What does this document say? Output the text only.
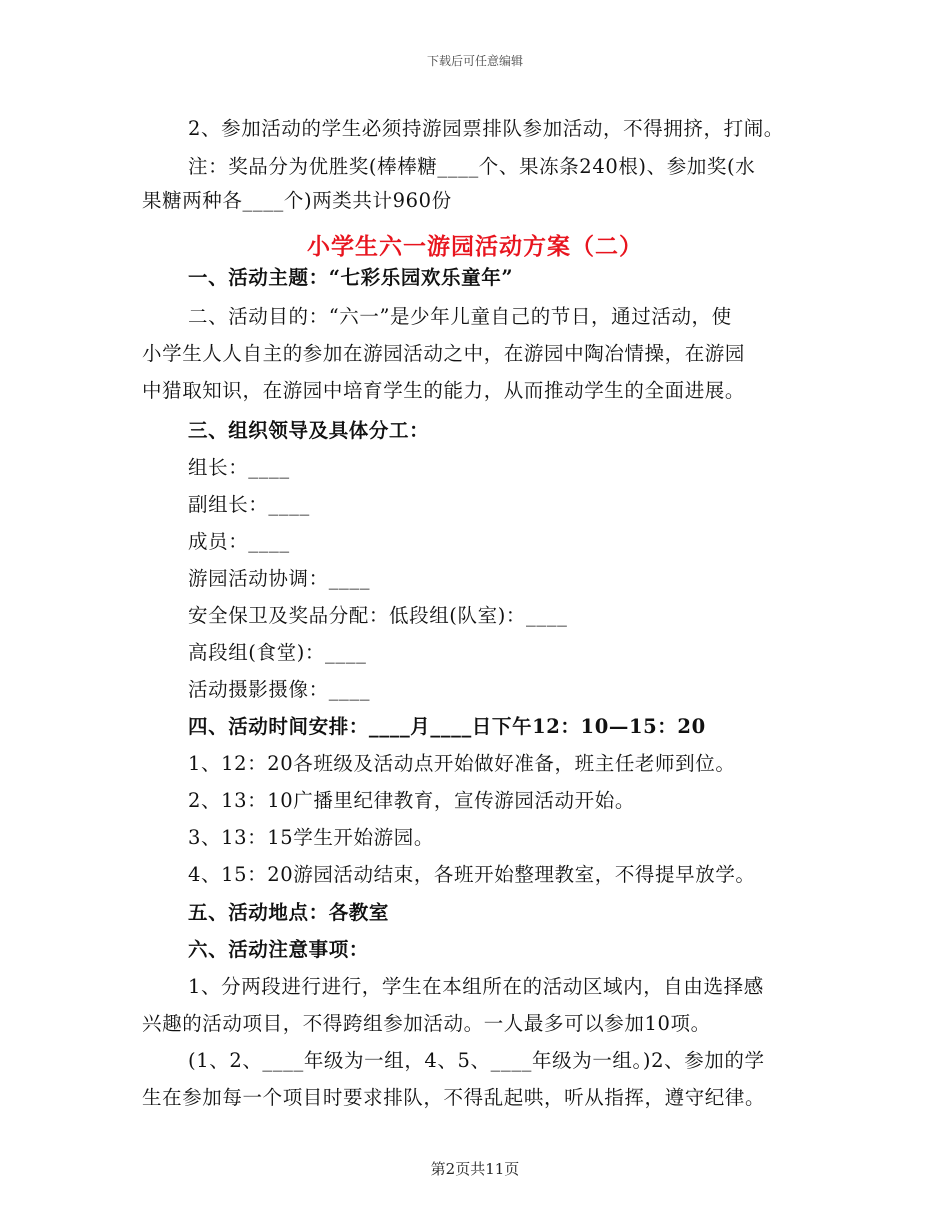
下载后可任意编辑
2、参加活动的学生必须持游园票排队参加活动，不得拥挤，打闹。
注：奖品分为优胜奖(棒棒糖____个、果冻条240根)、参加奖(水
果糖两种各____个)两类共计960份
小学生六一游园活动方案（二）
一、活动主题：“七彩乐园欢乐童年”
二、活动目的：“六一”是少年儿童自己的节日，通过活动，使
小学生人人自主的参加在游园活动之中，在游园中陶冶情操，在游园
中猎取知识，在游园中培育学生的能力，从而推动学生的全面进展。
三、组织领导及具体分工：
组长：____
副组长：____
成员：____
游园活动协调：____
安全保卫及奖品分配：低段组(队室)：____
高段组(食堂)：____
活动摄影摄像：____
四、活动时间安排：____月____日下午12：10—15：20
1、12：20各班级及活动点开始做好准备，班主任老师到位。
2、13：10广播里纪律教育，宣传游园活动开始。
3、13：15学生开始游园。
4、15：20游园活动结束，各班开始整理教室，不得提早放学。
五、活动地点：各教室
六、活动注意事项：
1、分两段进行进行，学生在本组所在的活动区域内，自由选择感
兴趣的活动项目，不得跨组参加活动。一人最多可以参加10项。
(1、2、____年级为一组，4、5、____年级为一组。)2、参加的学
生在参加每一个项目时要求排队，不得乱起哄，听从指挥，遵守纪律。
第2页共11页
